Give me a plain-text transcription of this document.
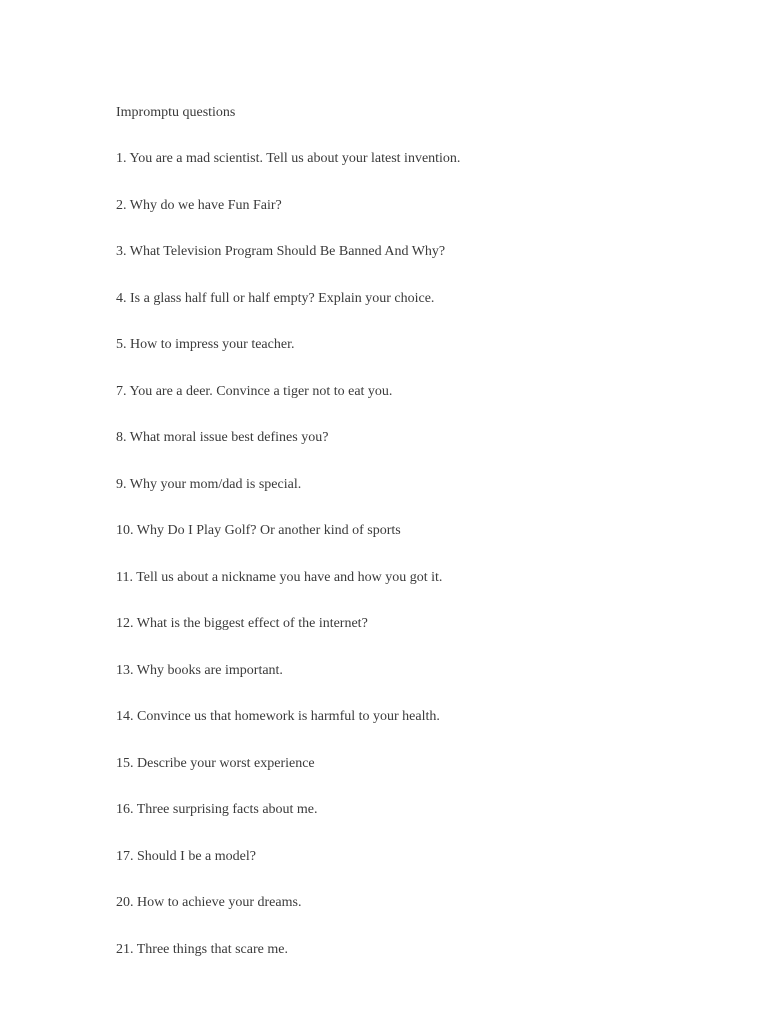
Impromptu questions
1. You are a mad scientist. Tell us about your latest invention.
2. Why do we have Fun Fair?
3. What Television Program Should Be Banned And Why?
4. Is a glass half full or half empty? Explain your choice.
5. How to impress your teacher.
7. You are a deer. Convince a tiger not to eat you.
8. What moral issue best defines you?
9. Why your mom/dad is special.
10. Why Do I Play Golf? Or another kind of sports
11. Tell us about a nickname you have and how you got it.
12. What is the biggest effect of the internet?
13. Why books are important.
14. Convince us that homework is harmful to your health.
15. Describe your worst experience
16. Three surprising facts about me.
17. Should I be a model?
20. How to achieve your dreams.
21. Three things that scare me.
